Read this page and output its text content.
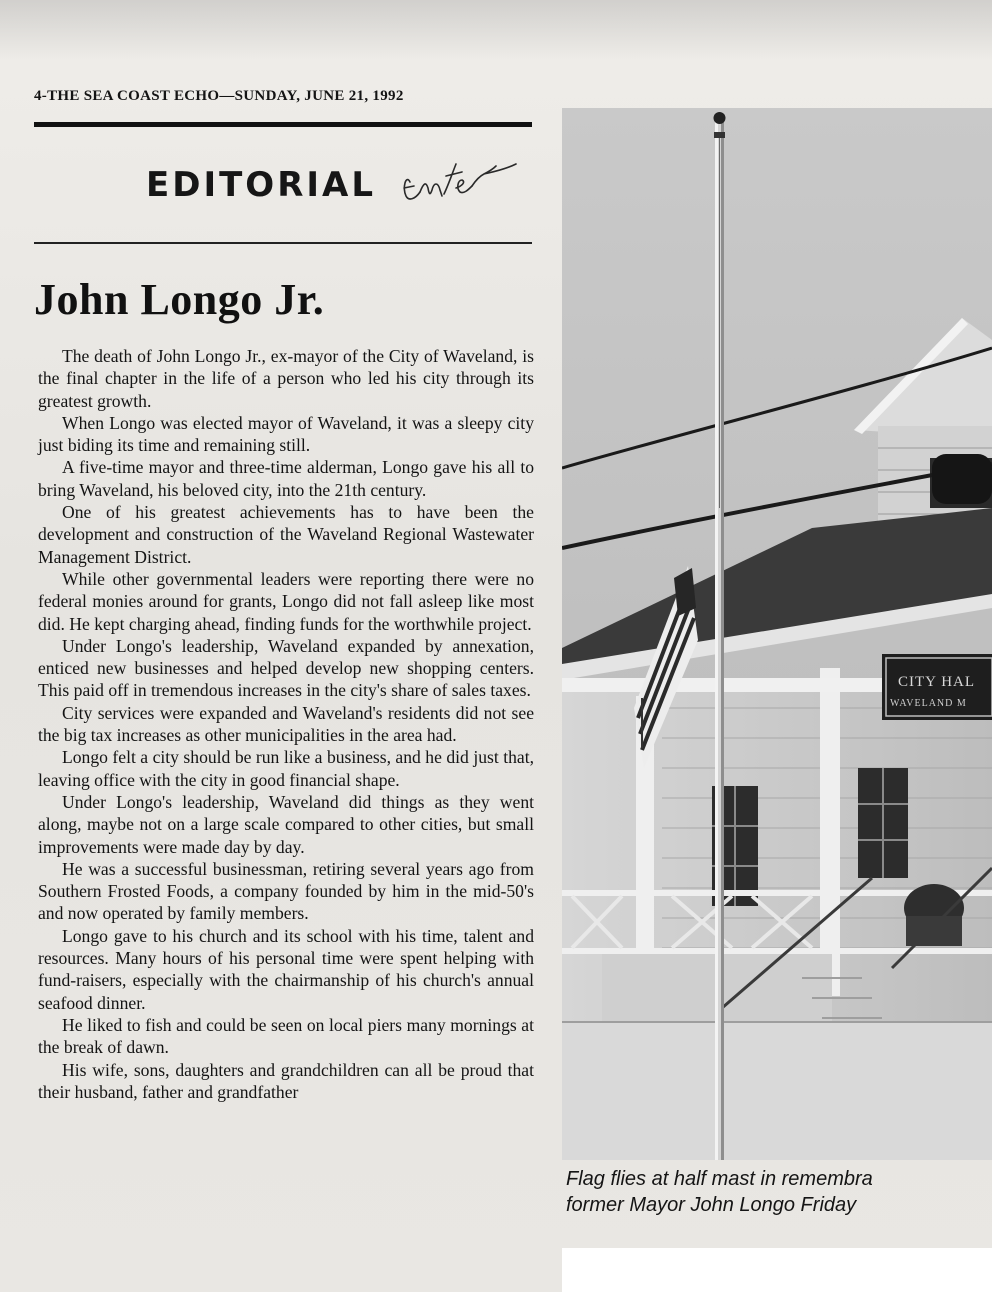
4-THE SEA COAST ECHO—SUNDAY, JUNE 21, 1992
EDITORIAL
John Longo Jr.

The death of John Longo Jr., ex-mayor of the City of Waveland, is the final chapter in the life of a person who led his city through its greatest growth.

When Longo was elected mayor of Waveland, it was a sleepy city just biding its time and remaining still.

A five-time mayor and three-time alderman, Longo gave his all to bring Waveland, his beloved city, into the 21th century.

One of his greatest achievements has to have been the development and construction of the Waveland Regional Wastewater Management District.

While other governmental leaders were reporting there were no federal monies around for grants, Longo did not fall asleep like most did. He kept charging ahead, finding funds for the worthwhile project.

Under Longo's leadership, Waveland expanded by annexation, enticed new businesses and helped develop new shopping centers. This paid off in tremendous increases in the city's share of sales taxes.

City services were expanded and Waveland's residents did not see the big tax increases as other municipalities in the area had.

Longo felt a city should be run like a business, and he did just that, leaving office with the city in good financial shape.

Under Longo's leadership, Waveland did things as they went along, maybe not on a large scale compared to other cities, but small improvements were made day by day.

He was a successful businessman, retiring several years ago from Southern Frosted Foods, a company founded by him in the mid-50's and now operated by family members.

Longo gave to his church and its school with his time, talent and resources. Many hours of his personal time were spent helping with fund-raisers, especially with the chairmanship of his church's annual seafood dinner.

He liked to fish and could be seen on local piers many mornings at the break of dawn.

His wife, sons, daughters and grandchildren can all be proud that their husband, father and grandfather

CITY HAL
WAVELAND M
Flag flies at half mast in remembra
former Mayor John Longo Friday
